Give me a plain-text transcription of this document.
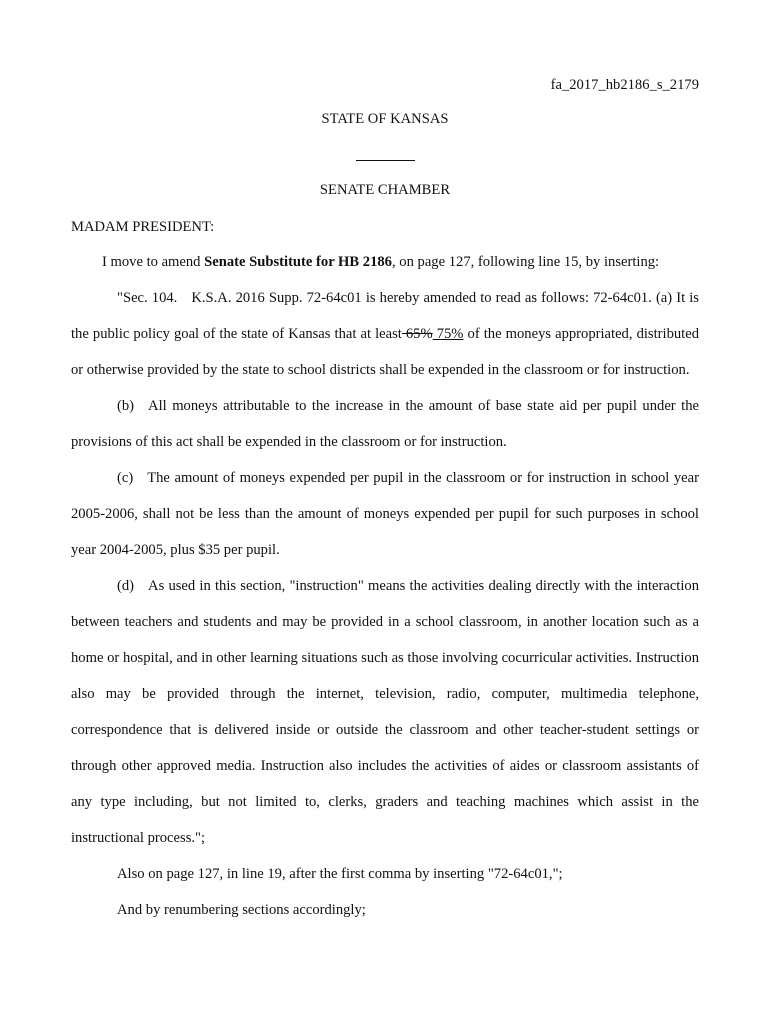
fa_2017_hb2186_s_2179
STATE OF KANSAS
SENATE CHAMBER
MADAM PRESIDENT:

I move to amend Senate Substitute for HB 2186, on page 127, following line 15, by inserting:

"Sec. 104. K.S.A. 2016 Supp. 72-64c01 is hereby amended to read as follows: 72-64c01. (a) It is the public policy goal of the state of Kansas that at least 65% 75% of the moneys appropriated, distributed or otherwise provided by the state to school districts shall be expended in the classroom or for instruction.

(b) All moneys attributable to the increase in the amount of base state aid per pupil under the provisions of this act shall be expended in the classroom or for instruction.

(c) The amount of moneys expended per pupil in the classroom or for instruction in school year 2005-2006, shall not be less than the amount of moneys expended per pupil for such purposes in school year 2004-2005, plus $35 per pupil.

(d) As used in this section, "instruction" means the activities dealing directly with the interaction between teachers and students and may be provided in a school classroom, in another location such as a home or hospital, and in other learning situations such as those involving cocurricular activities. Instruction also may be provided through the internet, television, radio, computer, multimedia telephone, correspondence that is delivered inside or outside the classroom and other teacher-student settings or through other approved media. Instruction also includes the activities of aides or classroom assistants of any type including, but not limited to, clerks, graders and teaching machines which assist in the instructional process.";

Also on page 127, in line 19, after the first comma by inserting "72-64c01,";

And by renumbering sections accordingly;
